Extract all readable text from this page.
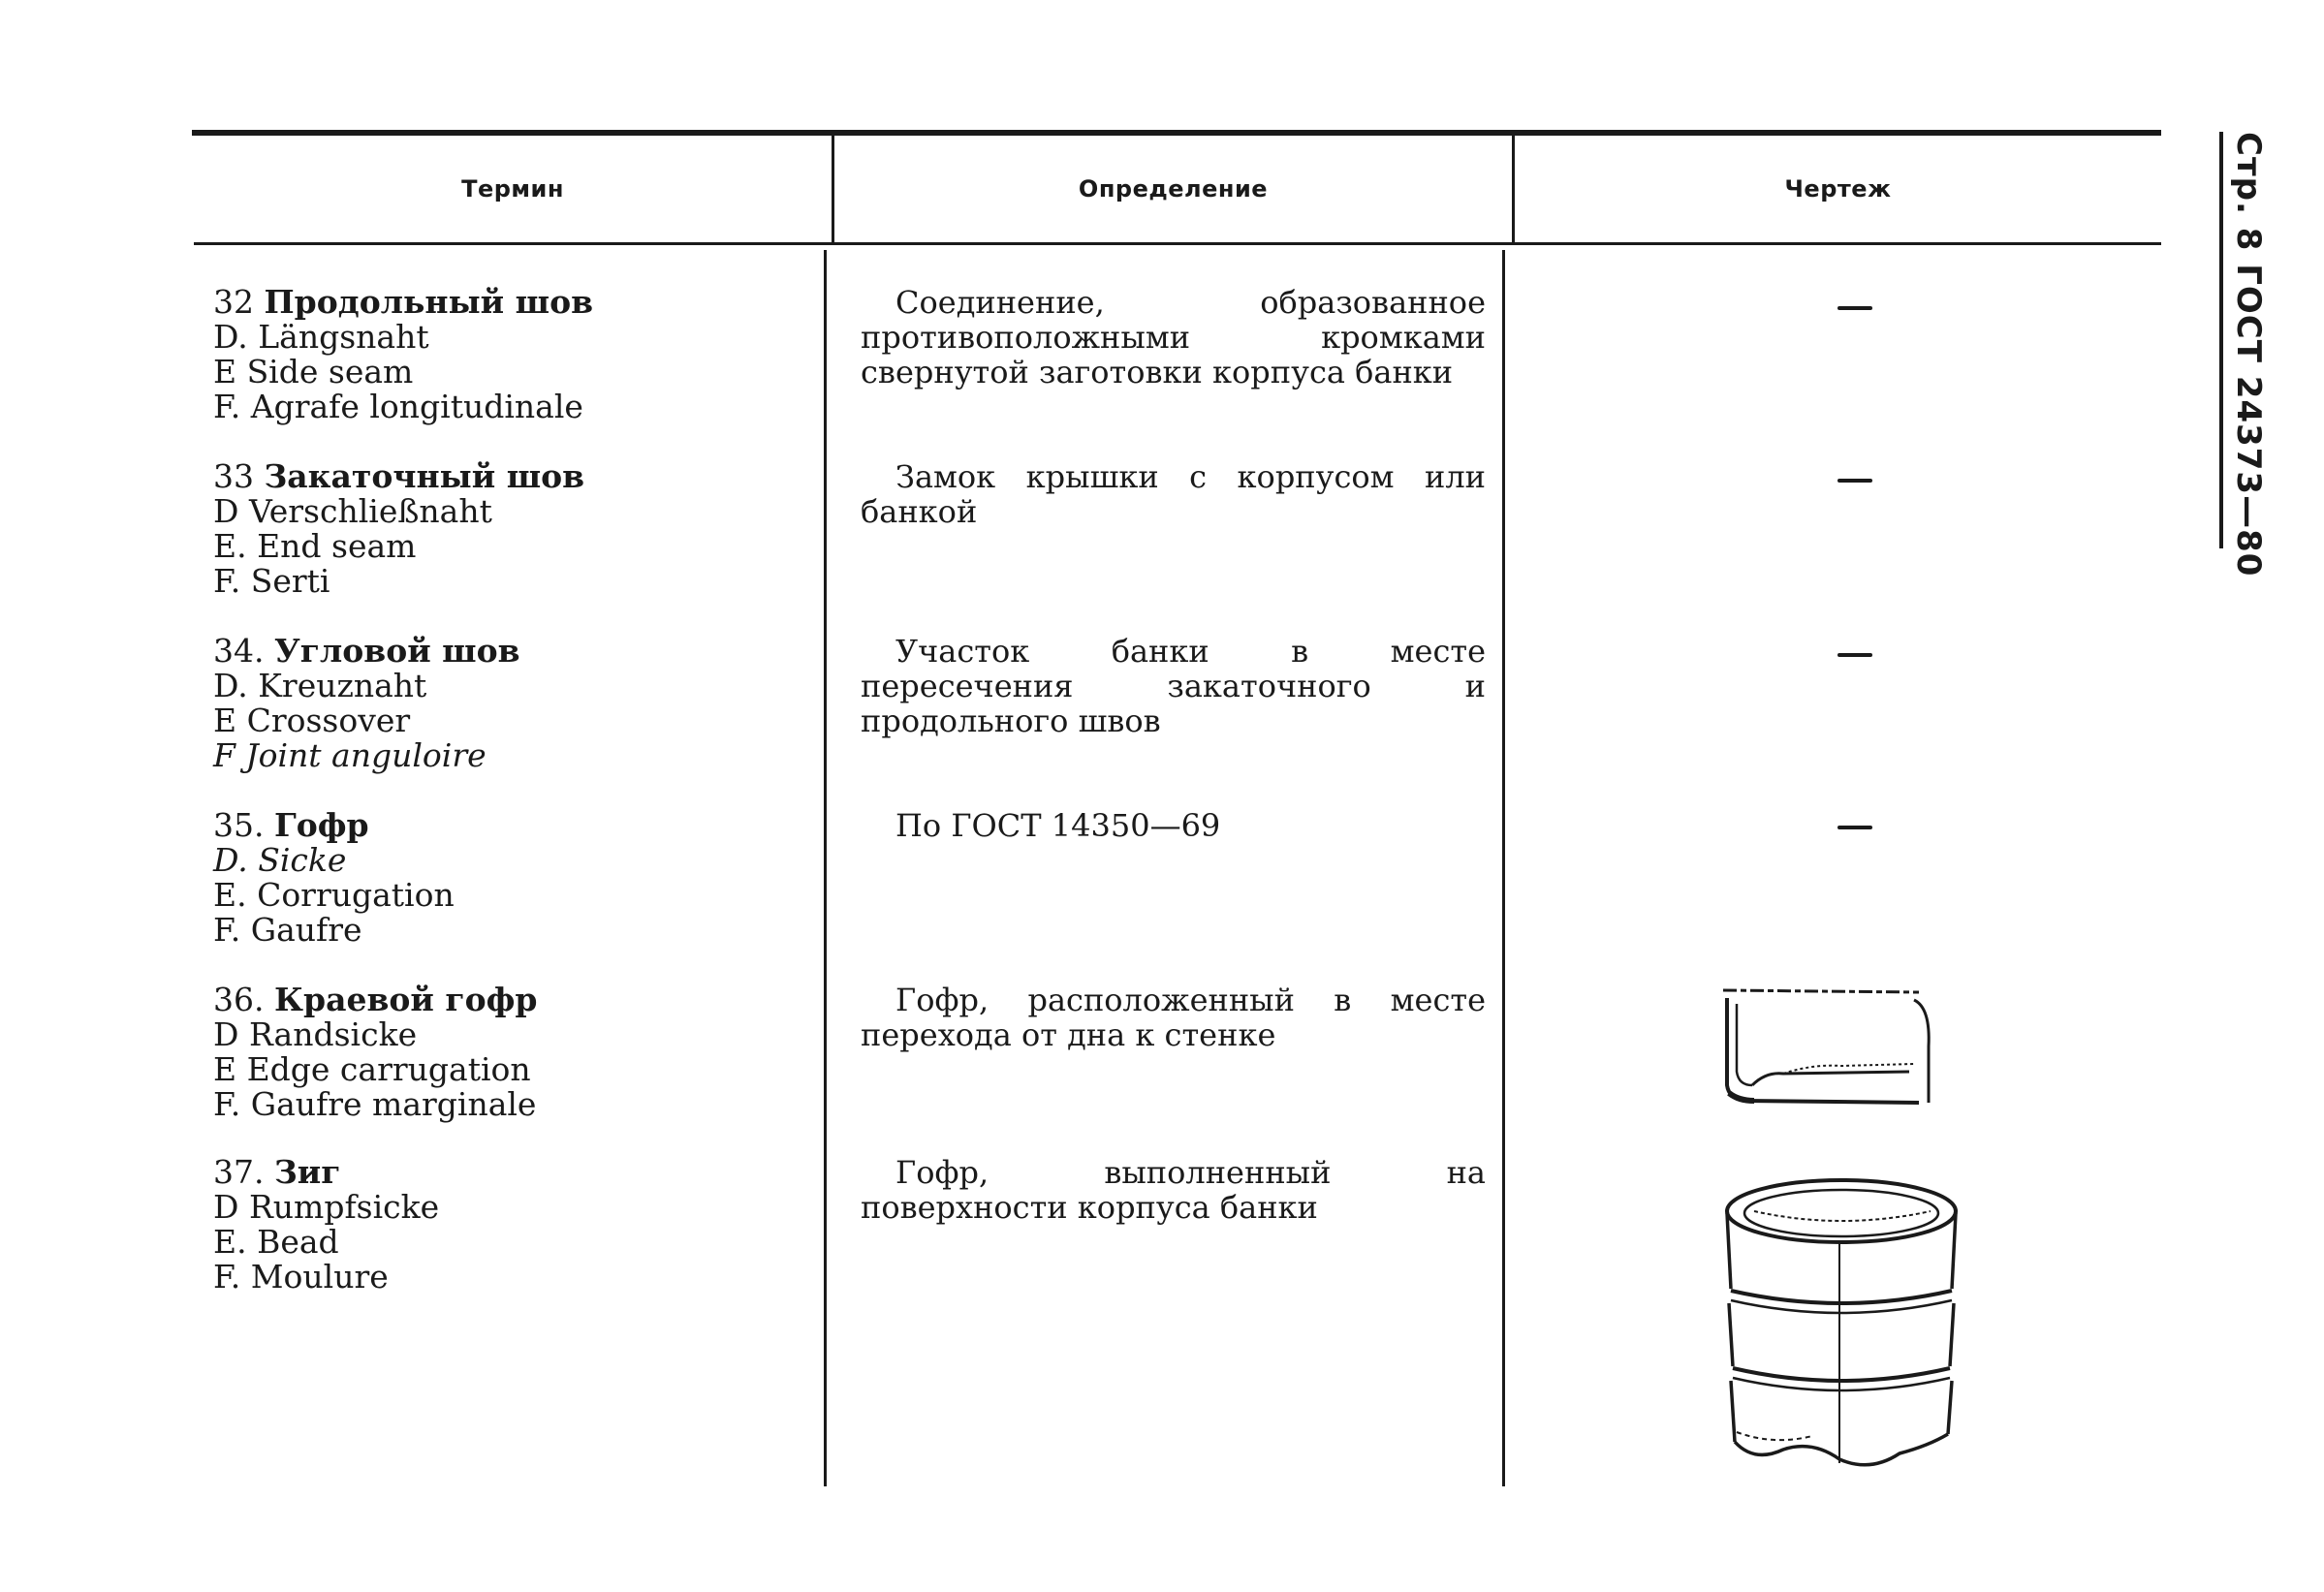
Термин	Определение	Чертеж
32 Продольный шов
D. Längsnaht
E Side seam
F. Agrafe longitudinale
Соединение, образованное противоположными кромками свернутой заготовки корпуса банки
33 Закаточный шов
D Verschließnaht
E. End seam
F. Serti
Замок крышки с корпусом или банкой
34. Угловой шов
D. Kreuznaht
E Crossover
F Joint anguloire
Участок банки в месте пересечения закаточного и продольного швов
35. Гофр
D. Sicke
E. Corrugation
F. Gaufre
По ГОСТ 14350—69
36. Краевой гофр
D Randsicke
E Edge carrugation
F. Gaufre marginale
Гофр, расположенный в месте перехода от дна к стенке
37. Зиг
D Rumpfsicke
E. Bead
F. Moulure
Гофр, выполненный на поверхности корпуса банки
Стр. 8 ГОСТ 24373—80
